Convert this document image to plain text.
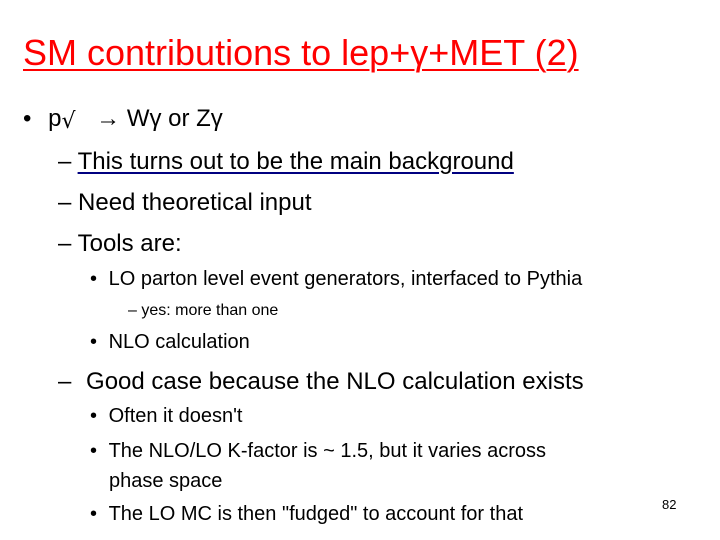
SM contributions to lep+γ+MET (2)
• p√ → Wγ or Zγ
– This turns out to be the main background
– Need theoretical input
– Tools are:
• LO parton level event generators, interfaced to Pythia
– yes: more than one
• NLO calculation
– Good case because the NLO calculation exists
• Often it doesn't
• The NLO/LO K-factor is ~ 1.5, but it varies across
phase space
• The LO MC is then "fudged" to account for that	82
